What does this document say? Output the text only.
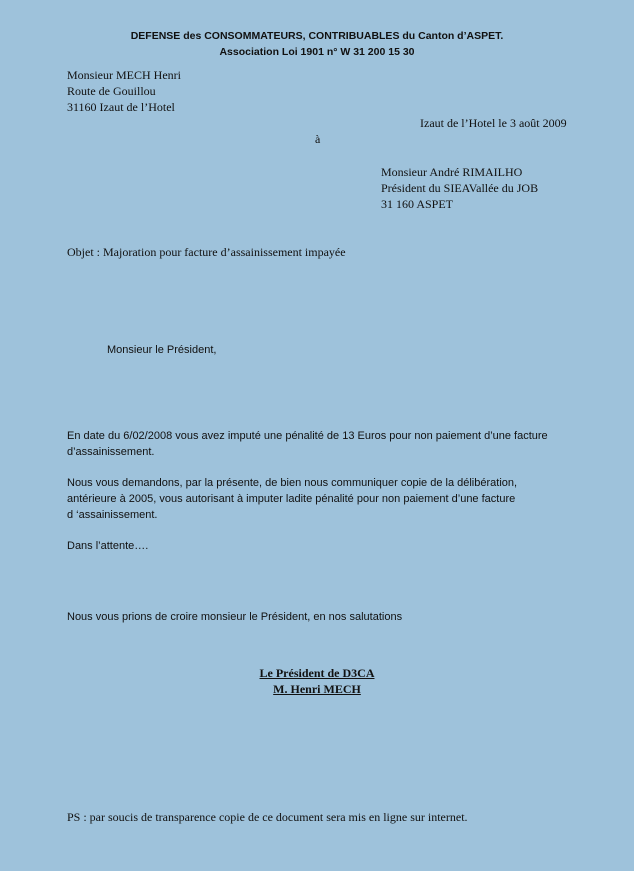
DEFENSE des CONSOMMATEURS, CONTRIBUABLES du Canton d’ASPET.
Association Loi 1901 n° W 31 200 15 30
Monsieur MECH Henri
Route de Gouillou
31160 Izaut de l’Hotel
Izaut de l’Hotel le 3 août 2009
à
Monsieur André RIMAILHO
Président du SIEAVallée du JOB
31 160 ASPET
Objet : Majoration pour facture d’assainissement impayée
Monsieur le Président,
En date du 6/02/2008 vous avez imputé une pénalité de 13 Euros pour non paiement d’une facture
d’assainissement.
Nous vous demandons, par la présente, de bien nous communiquer copie de la délibération,
antérieure à 2005, vous autorisant à imputer ladite pénalité pour non paiement d’une facture
d ‘assainissement.
Dans l’attente….
Nous vous prions de croire monsieur le Président, en nos salutations
Le Président de D3CA
M. Henri MECH
PS : par soucis de transparence copie de ce document sera mis en ligne sur internet.
